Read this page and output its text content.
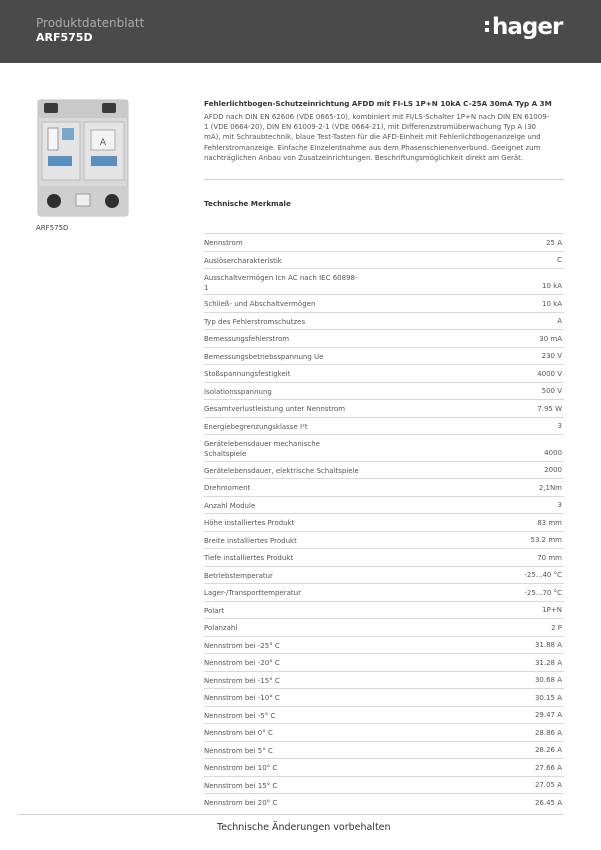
Produktdatenblatt
ARF575D	hager
A
ARF575D
Fehlerlichtbogen-Schutzeinrichtung AFDD mit FI-LS 1P+N 10kA C-25A 30mA Typ A 3M
AFDD nach DIN EN 62606 (VDE 0665-10), kombiniert mit FI/LS-Schalter 1P+N nach DIN EN 61009-
1 (VDE 0664-20), DIN EN 61009-2-1 (VDE 0664-21), mit Differenzstromüberwachung Typ A (30
mA), mit Schraubtechnik, blaue Test-Tasten für die AFD-Einheit mit Fehlerlichtbogenanzeige und
Fehlerstromanzeige. Einfache Einzelentnahme aus dem Phasenschienenverbund. Geeignet zum
nachträglichen Anbau von Zusatzeinrichtungen. Beschriftungsmöglichkeit direkt am Gerät.
Technische Merkmale
Nennstrom	25 A
Auslösercharakteristik	C
Ausschaltvermögen Icn AC nach IEC 60898-
1	10 kA
Schließ- und Abschaltvermögen	10 kA
Typ des Fehlerstromschutzes	A
Bemessungsfehlerstrom	30 mA
Bemessungsbetriebsspannung Ue	230 V
Stoßspannungsfestigkeit	4000 V
Isolationsspannung	500 V
Gesamtverlustleistung unter Nennstrom	7.95 W
Energiebegrenzungsklasse I²t	3
Gerätelebensdauer mechanische
Schaltspiele	4000
Gerätelebensdauer, elektrische Schaltspiele	2000
Drehmoment	2,1Nm
Anzahl Module	3
Höhe installiertes Produkt	83 mm
Breite installiertes Produkt	53.2 mm
Tiefe installiertes Produkt	70 mm
Betriebstemperatur	-25...40 °C
Lager-/Transporttemperatur	-25...70 °C
Polart	1P+N
Polanzahl	2 P
Nennstrom bei -25° C	31.88 A
Nennstrom bei -20° C	31.28 A
Nennstrom bei -15° C	30.68 A
Nennstrom bei -10° C	30.15 A
Nennstrom bei -5° C	29.47 A
Nennstrom bei 0° C	28.86 A
Nennstrom bei 5° C	28.26 A
Nennstrom bei 10° C	27.66 A
Nennstrom bei 15° C	27.05 A
Nennstrom bei 20° C	26.45 A
Technische Änderungen vorbehalten
